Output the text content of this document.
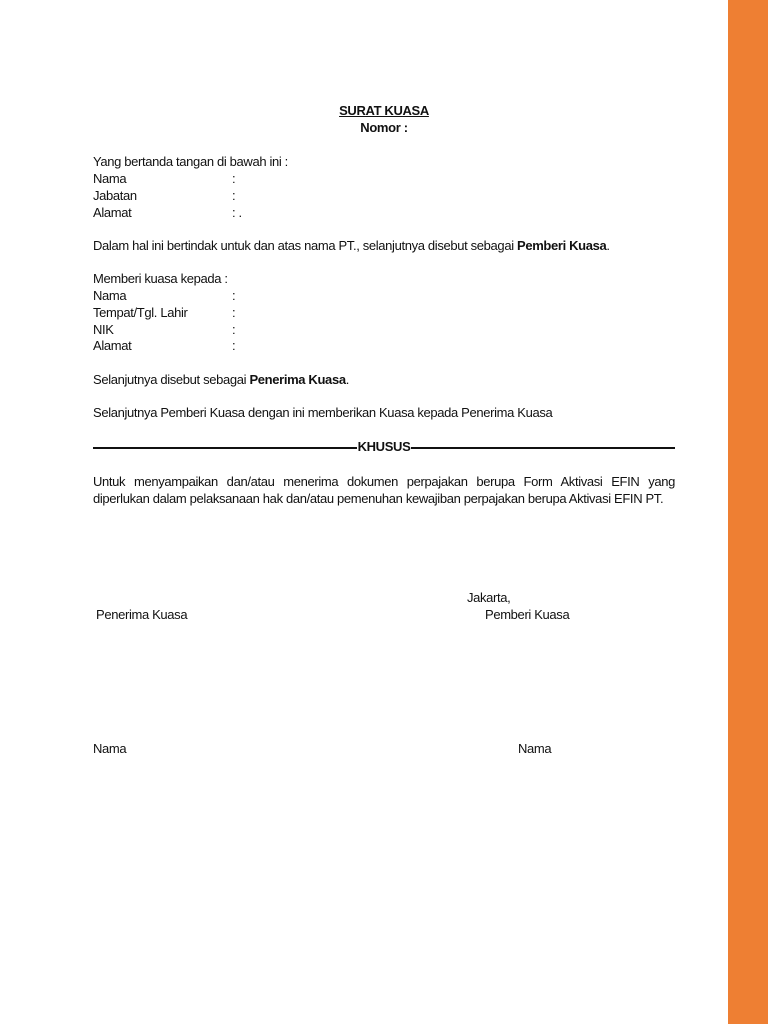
SURAT KUASA
Nomor :
Yang bertanda tangan di bawah ini :
Nama	:
Jabatan	:
Alamat	: .
Dalam hal ini bertindak untuk dan atas nama PT., selanjutnya disebut sebagai Pemberi Kuasa.
Memberi kuasa kepada :
Nama	:
Tempat/Tgl. Lahir	:
NIK	:
Alamat	:
Selanjutnya disebut sebagai Penerima Kuasa.
Selanjutnya Pemberi Kuasa dengan ini memberikan Kuasa kepada Penerima Kuasa
KHUSUS
Untuk menyampaikan dan/atau menerima dokumen perpajakan berupa Form Aktivasi EFIN yang diperlukan dalam pelaksanaan hak dan/atau pemenuhan kewajiban perpajakan berupa Aktivasi EFIN PT.
Jakarta,
Penerima Kuasa	Pemberi Kuasa
Nama	Nama
